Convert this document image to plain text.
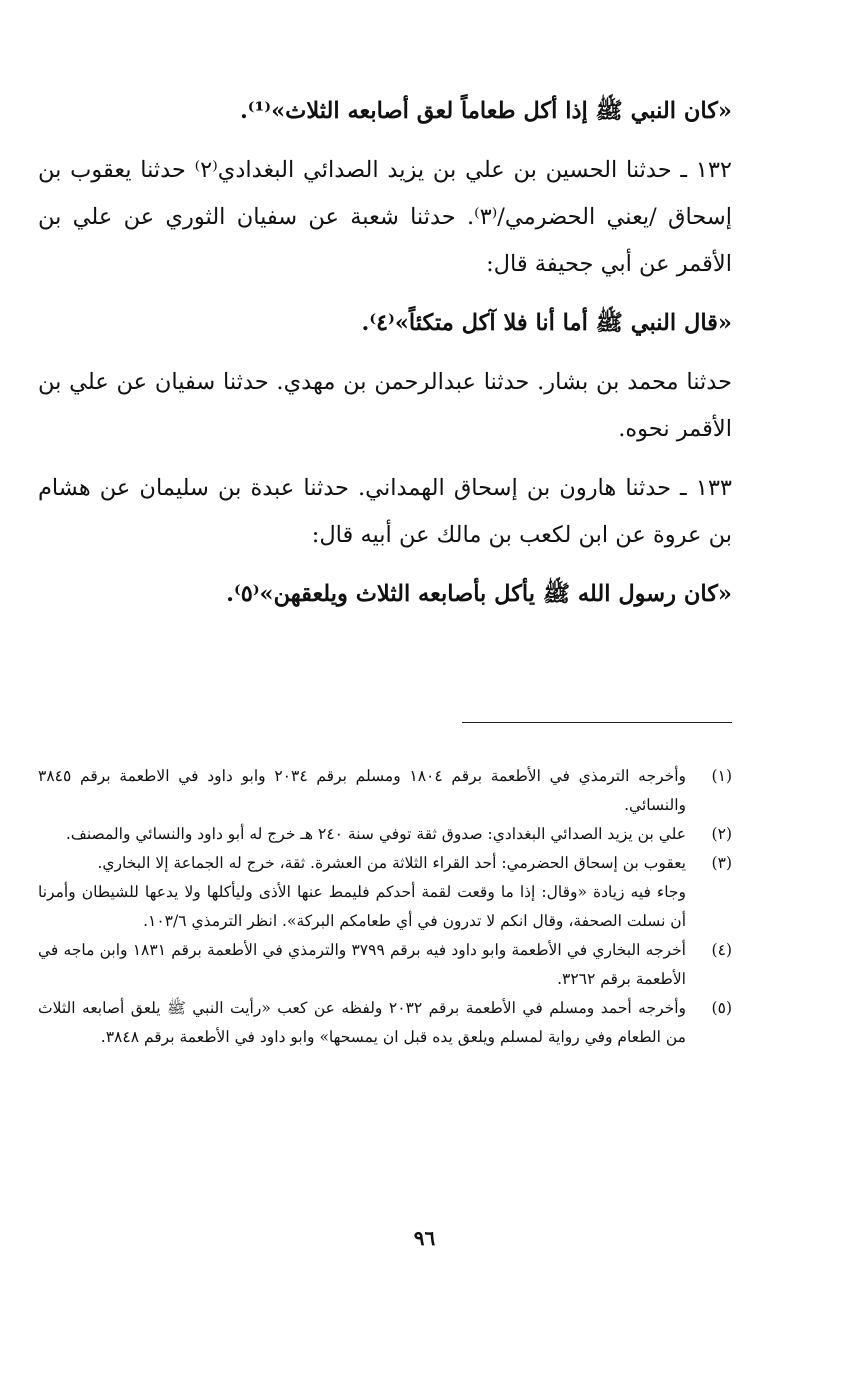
«كان النبي ﷺ إذا أكل طعاماً لعق أصابعه الثلاث»⁽¹⁾.

١٣٢ ـ حدثنا الحسين بن علي بن يزيد الصدائي البغدادي⁽٢⁾ حدثنا يعقوب بن إسحاق /يعني الحضرمي/⁽٣⁾. حدثنا شعبة عن سفيان الثوري عن علي بن الأقمر عن أبي جحيفة قال:

«قال النبي ﷺ أما أنا فلا آكل متكئاً»⁽٤⁾.

حدثنا محمد بن بشار. حدثنا عبدالرحمن بن مهدي. حدثنا سفيان عن علي بن الأقمر نحوه.

١٣٣ ـ حدثنا هارون بن إسحاق الهمداني. حدثنا عبدة بن سليمان عن هشام بن عروة عن ابن لكعب بن مالك عن أبيه قال:

«كان رسول الله ﷺ يأكل بأصابعه الثلاث ويلعقهن»⁽٥⁾.

(١)
وأخرجه الترمذي في الأطعمة برقم ١٨٠٤ ومسلم برقم ٢٠٣٤ وابو داود في الاطعمة برقم ٣٨٤٥ والنسائي.
(٢)
علي بن يزيد الصدائي البغدادي: صدوق ثقة توفي سنة ٢٤٠ هـ خرج له أبو داود والنسائي والمصنف.
(٣)
يعقوب بن إسحاق الحضرمي: أحد القراء الثلاثة من العشرة. ثقة، خرج له الجماعة إلا البخاري.

وجاء فيه زيادة «وقال: إذا ما وقعت لقمة أحدكم فليمط عنها الأذى وليأكلها ولا يدعها للشيطان وأمرنا أن نسلت الصحفة، وقال انكم لا تدرون في أي طعامكم البركة». انظر الترمذي ١٠٣/٦.

(٤)
أخرجه البخاري في الأطعمة وابو داود فيه برقم ٣٧٩٩ والترمذي في الأطعمة برقم ١٨٣١ وابن ماجه في الأطعمة برقم ٣٢٦٢.
(٥)
وأخرجه أحمد ومسلم في الأطعمة برقم ٢٠٣٢ ولفظه عن كعب «رأيت النبي ﷺ يلعق أصابعه الثلاث من الطعام وفي رواية لمسلم ويلعق يده قبل ان يمسحها» وابو داود في الأطعمة برقم ٣٨٤٨.
٩٦
